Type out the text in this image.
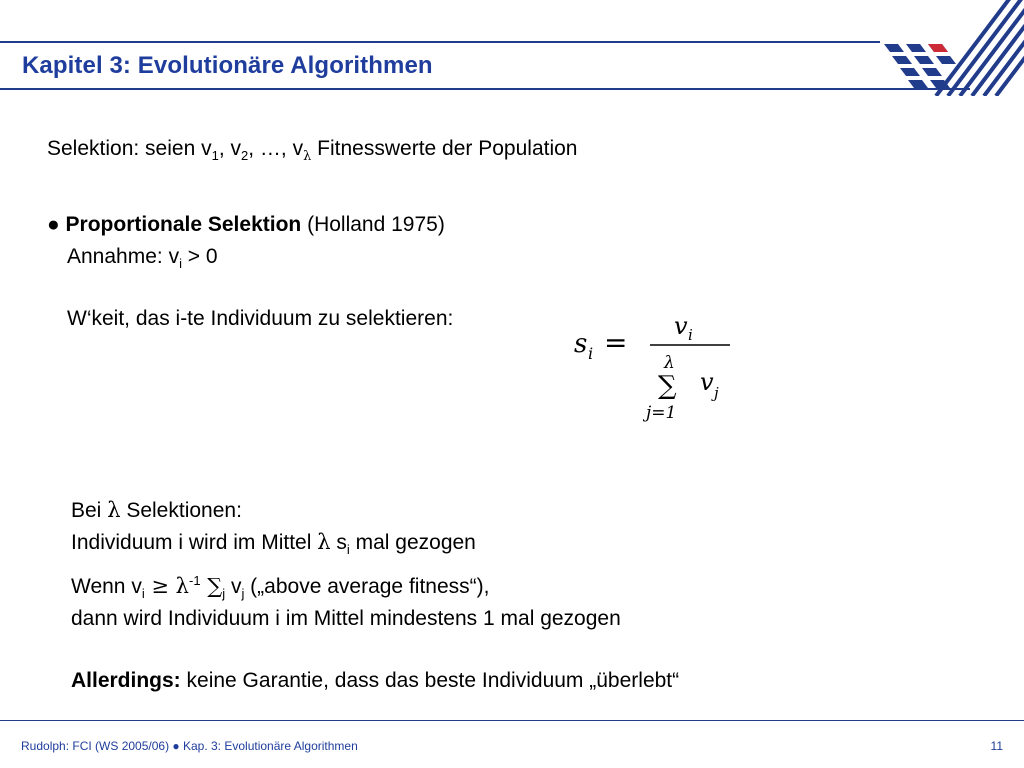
Kapitel 3: Evolutionäre Algorithmen
Selektion: seien $v_1$, $v_2$, …, $v_\lambda$ Fitnesswerte der Population
● Proportionale Selektion (Holland 1975)
Annahme: $v_i > 0$
W‘keit, das i-te Individuum zu selektieren:
s i = v i
λ
∑ v j
j=1
Bei λ Selektionen:
Individuum i wird im Mittel λ $s_i$ mal gezogen
Wenn $v_i \ge \lambda^{-1}$ $\sum_j$ $v_j$ („above average fitness“),
dann wird Individuum i im Mittel mindestens 1 mal gezogen
Allerdings: keine Garantie, dass das beste Individuum „überlebt“
Rudolph: FCI (WS 2005/06) ● Kap. 3: Evolutionäre Algorithmen	11
